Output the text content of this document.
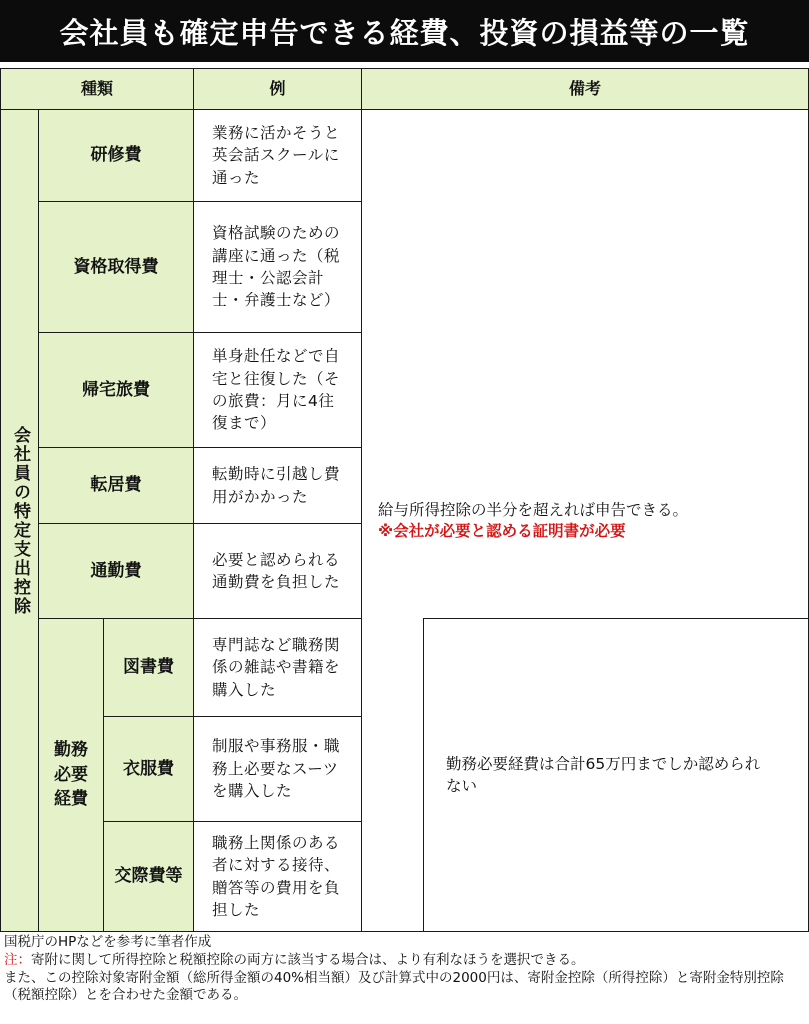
会社員も確定申告できる経費、投資の損益等の一覧
種類	例	備考
会社員の特定支出控除
研修費
業務に活かそうと英会話スクールに通った
資格取得費
資格試験のための講座に通った（税理士・公認会計士・弁護士など）
帰宅旅費
単身赴任などで自宅と往復した（その旅費：月に4往復まで）
転居費
転勤時に引越し費用がかかった
通勤費
必要と認められる通勤費を負担した
勤務必要経費
図書費
専門誌など職務関係の雑誌や書籍を購入した
衣服費
制服や事務服・職務上必要なスーツを購入した
交際費等
職務上関係のある者に対する接待、贈答等の費用を負担した
給与所得控除の半分を超えれば申告できる。
※会社が必要と認める証明書が必要
勤務必要経費は合計65万円までしか認められない
国税庁のHPなどを参考に筆者作成
注：寄附に関して所得控除と税額控除の両方に該当する場合は、より有利なほうを選択できる。
また、この控除対象寄附金額（総所得金額の40%相当額）及び計算式中の2000円は、寄附金控除（所得控除）と寄附金特別控除（税額控除）とを合わせた金額である。
